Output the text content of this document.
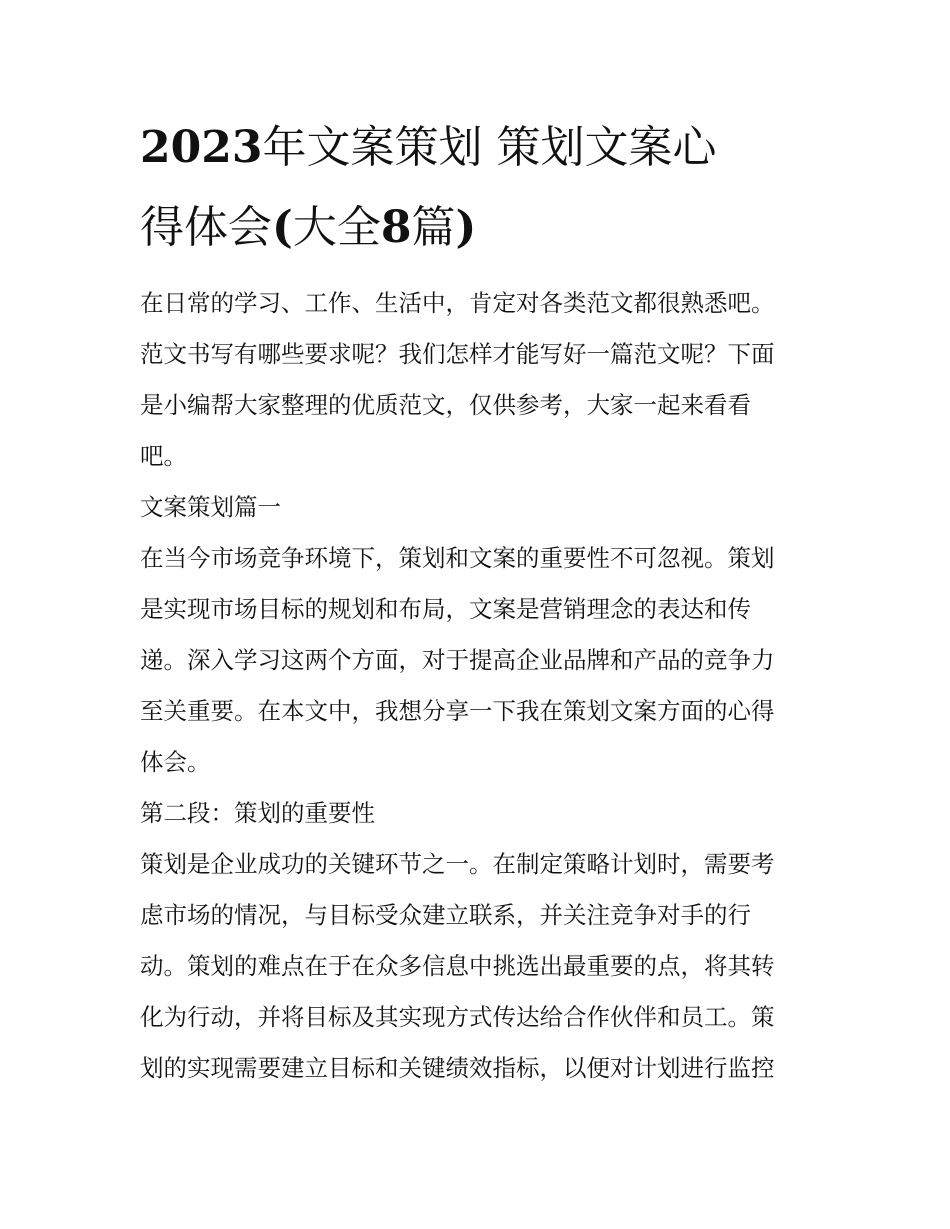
2023年文案策划 策划文案心
得体会(大全8篇)

在日常的学习、工作、生活中，肯定对各类范文都很熟悉吧。

范文书写有哪些要求呢？我们怎样才能写好一篇范文呢？下面

是小编帮大家整理的优质范文，仅供参考，大家一起来看看

吧。

文案策划篇一

在当今市场竞争环境下，策划和文案的重要性不可忽视。策划

是实现市场目标的规划和布局，文案是营销理念的表达和传

递。深入学习这两个方面，对于提高企业品牌和产品的竞争力

至关重要。在本文中，我想分享一下我在策划文案方面的心得

体会。

第二段：策划的重要性

策划是企业成功的关键环节之一。在制定策略计划时，需要考

虑市场的情况，与目标受众建立联系，并关注竞争对手的行

动。策划的难点在于在众多信息中挑选出最重要的点，将其转

化为行动，并将目标及其实现方式传达给合作伙伴和员工。策

划的实现需要建立目标和关键绩效指标，以便对计划进行监控
